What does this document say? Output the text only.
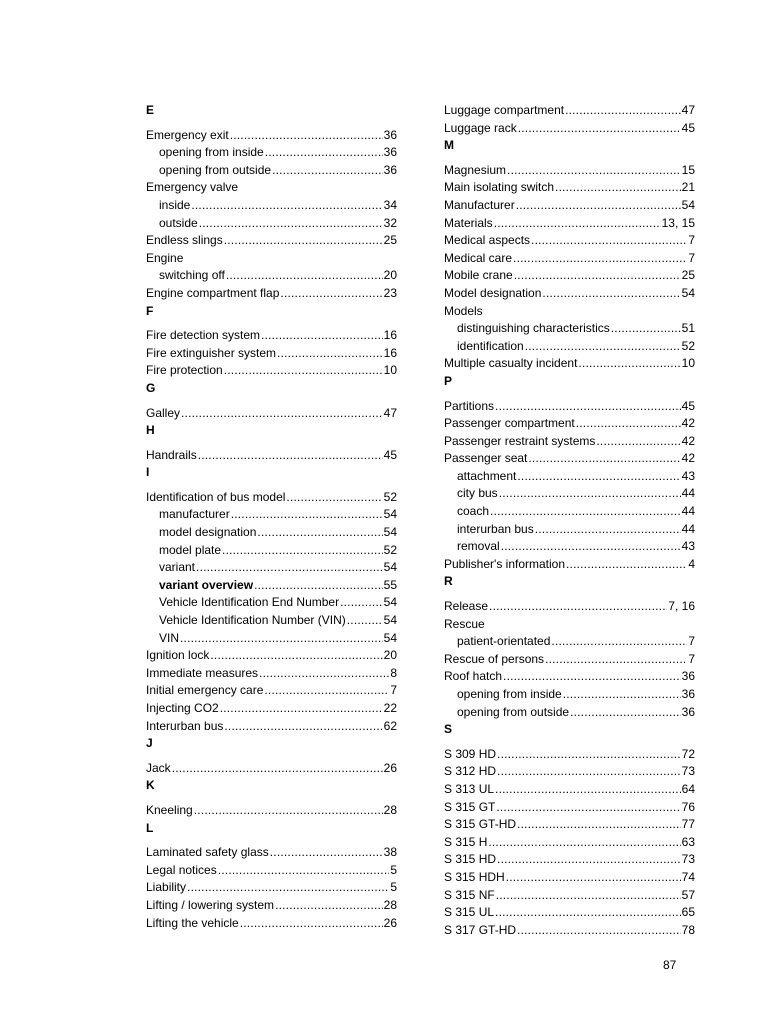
E
Emergency exit .....	36
opening from inside .....	36
opening from outside .....	36
Emergency valve
inside .....	34
outside .....	32
Endless slings .....	25
Engine
switching off .....	20
Engine compartment flap .....	23
F
Fire detection system .....	16
Fire extinguisher system .....	16
Fire protection .....	10
G
Galley .....	47
H
Handrails .....	45
I
Identification of bus model .....	52
manufacturer .....	54
model designation .....	54
model plate .....	52
variant .....	54
variant overview .....	55
Vehicle Identification End Number .....	54
Vehicle Identification Number (VIN) .....	54
VIN .....	54
Ignition lock .....	20
Immediate measures .....	8
Initial emergency care .....	7
Injecting CO2 .....	22
Interurban bus .....	62
J
Jack .....	26
K
Kneeling .....	28
L
Laminated safety glass .....	38
Legal notices .....	5
Liability .....	5
Lifting / lowering system .....	28
Lifting the vehicle .....	26
Luggage compartment .....	47
Luggage rack .....	45
M
Magnesium .....	15
Main isolating switch .....	21
Manufacturer .....	54
Materials .....	13, 15
Medical aspects .....	7
Medical care .....	7
Mobile crane .....	25
Model designation .....	54
Models
distinguishing characteristics .....	51
identification .....	52
Multiple casualty incident .....	10
P
Partitions .....	45
Passenger compartment .....	42
Passenger restraint systems .....	42
Passenger seat .....	42
attachment .....	43
city bus .....	44
coach .....	44
interurban bus .....	44
removal .....	43
Publisher's information .....	4
R
Release .....	7, 16
Rescue
patient-orientated .....	7
Rescue of persons .....	7
Roof hatch .....	36
opening from inside .....	36
opening from outside .....	36
S
S 309 HD .....	72
S 312 HD .....	73
S 313 UL .....	64
S 315 GT .....	76
S 315 GT-HD .....	77
S 315 H .....	63
S 315 HD .....	73
S 315 HDH .....	74
S 315 NF .....	57
S 315 UL .....	65
S 317 GT-HD .....	78
87
